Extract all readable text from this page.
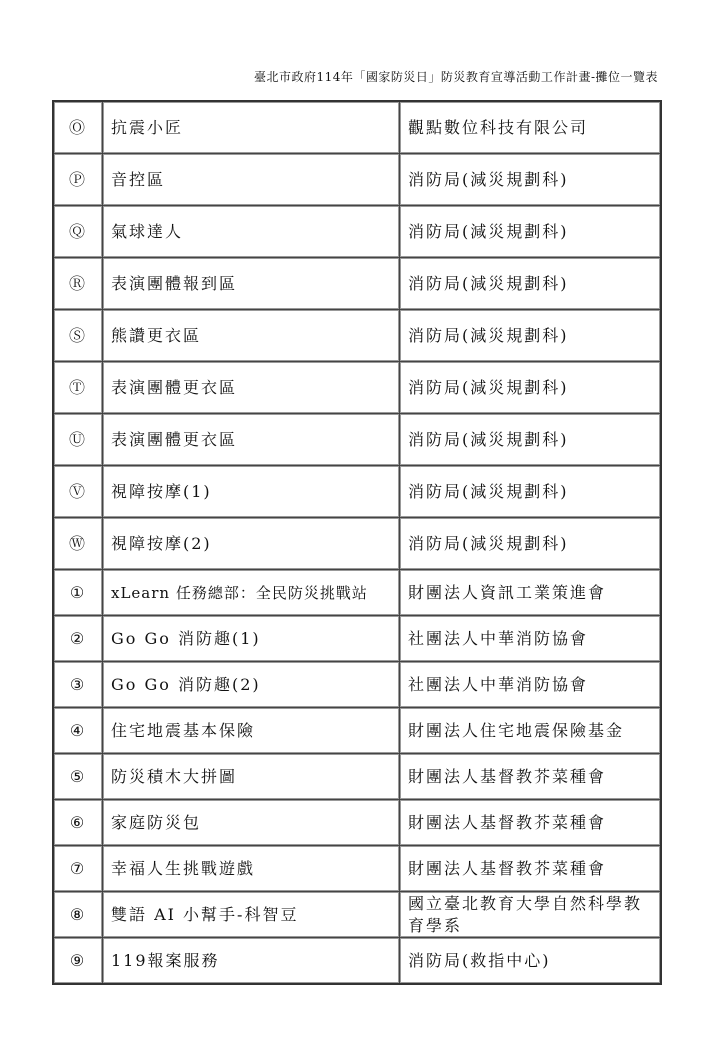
臺北市政府114年「國家防災日」防災教育宣導活動工作計畫-攤位一覽表
Ⓞ	抗震小匠	觀點數位科技有限公司
Ⓟ	音控區	消防局(減災規劃科)
Ⓠ	氣球達人	消防局(減災規劃科)
Ⓡ	表演團體報到區	消防局(減災規劃科)
Ⓢ	熊讚更衣區	消防局(減災規劃科)
Ⓣ	表演團體更衣區	消防局(減災規劃科)
Ⓤ	表演團體更衣區	消防局(減災規劃科)
Ⓥ	視障按摩(1)	消防局(減災規劃科)
Ⓦ	視障按摩(2)	消防局(減災規劃科)
①	xLearn 任務總部：全民防災挑戰站	財團法人資訊工業策進會
②	Go Go 消防趣(1)	社團法人中華消防協會
③	Go Go 消防趣(2)	社團法人中華消防協會
④	住宅地震基本保險	財團法人住宅地震保險基金
⑤	防災積木大拼圖	財團法人基督教芥菜種會
⑥	家庭防災包	財團法人基督教芥菜種會
⑦	幸福人生挑戰遊戲	財團法人基督教芥菜種會
⑧	雙語 AI 小幫手-科智豆	國立臺北教育大學自然科學教育學系
⑨	119報案服務	消防局(救指中心)
